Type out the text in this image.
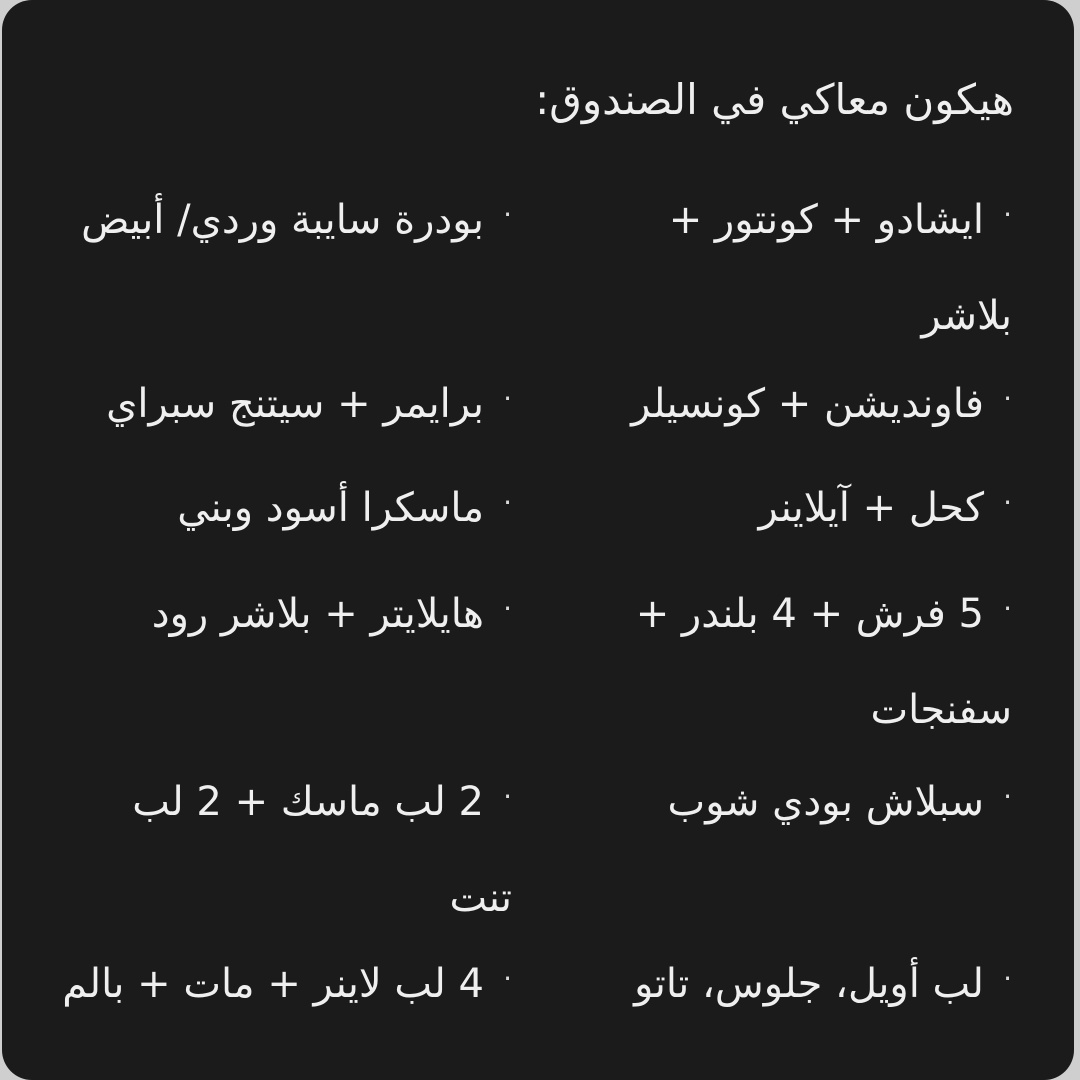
هيكون معاكي في الصندوق:

·ايشادو + كونتور + بلاشر

·فاونديشن + كونسيلر

·كحل + آيلاينر

·5 فرش + 4 بلندر + سفنجات

·سبلاش بودي شوب

·لب أويل، جلوس، تاتو

·بودرة سايبة وردي/ أبيض

·برايمر + سيتنج سبراي

·ماسكرا أسود وبني

·هايلايتر + بلاشر رود

·2 لب ماسك + 2 لب تنت

·4 لب لاينر + مات + بالم
